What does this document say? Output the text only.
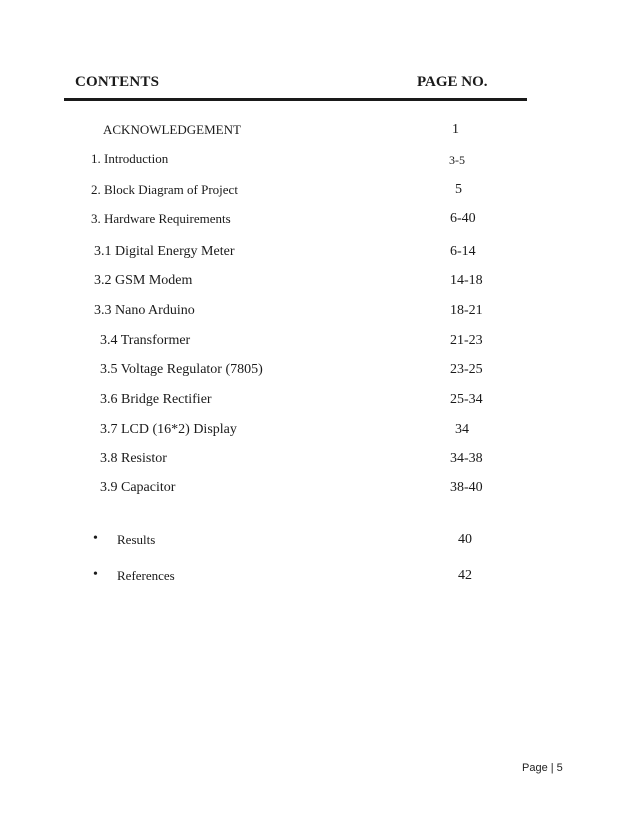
CONTENTS	PAGE NO.
ACKNOWLEDGEMENT	1
1. Introduction	3-5
2. Block Diagram of Project	5
3. Hardware Requirements	6-40
3.1 Digital Energy Meter	6-14
3.2 GSM Modem	14-18
3.3 Nano Arduino	18-21
3.4 Transformer	21-23
3.5 Voltage Regulator (7805)	23-25
3.6 Bridge Rectifier	25-34
3.7 LCD (16*2) Display	34
3.8 Resistor	34-38
3.9 Capacitor	38-40
• Results	40
• References	42
Page | 5
